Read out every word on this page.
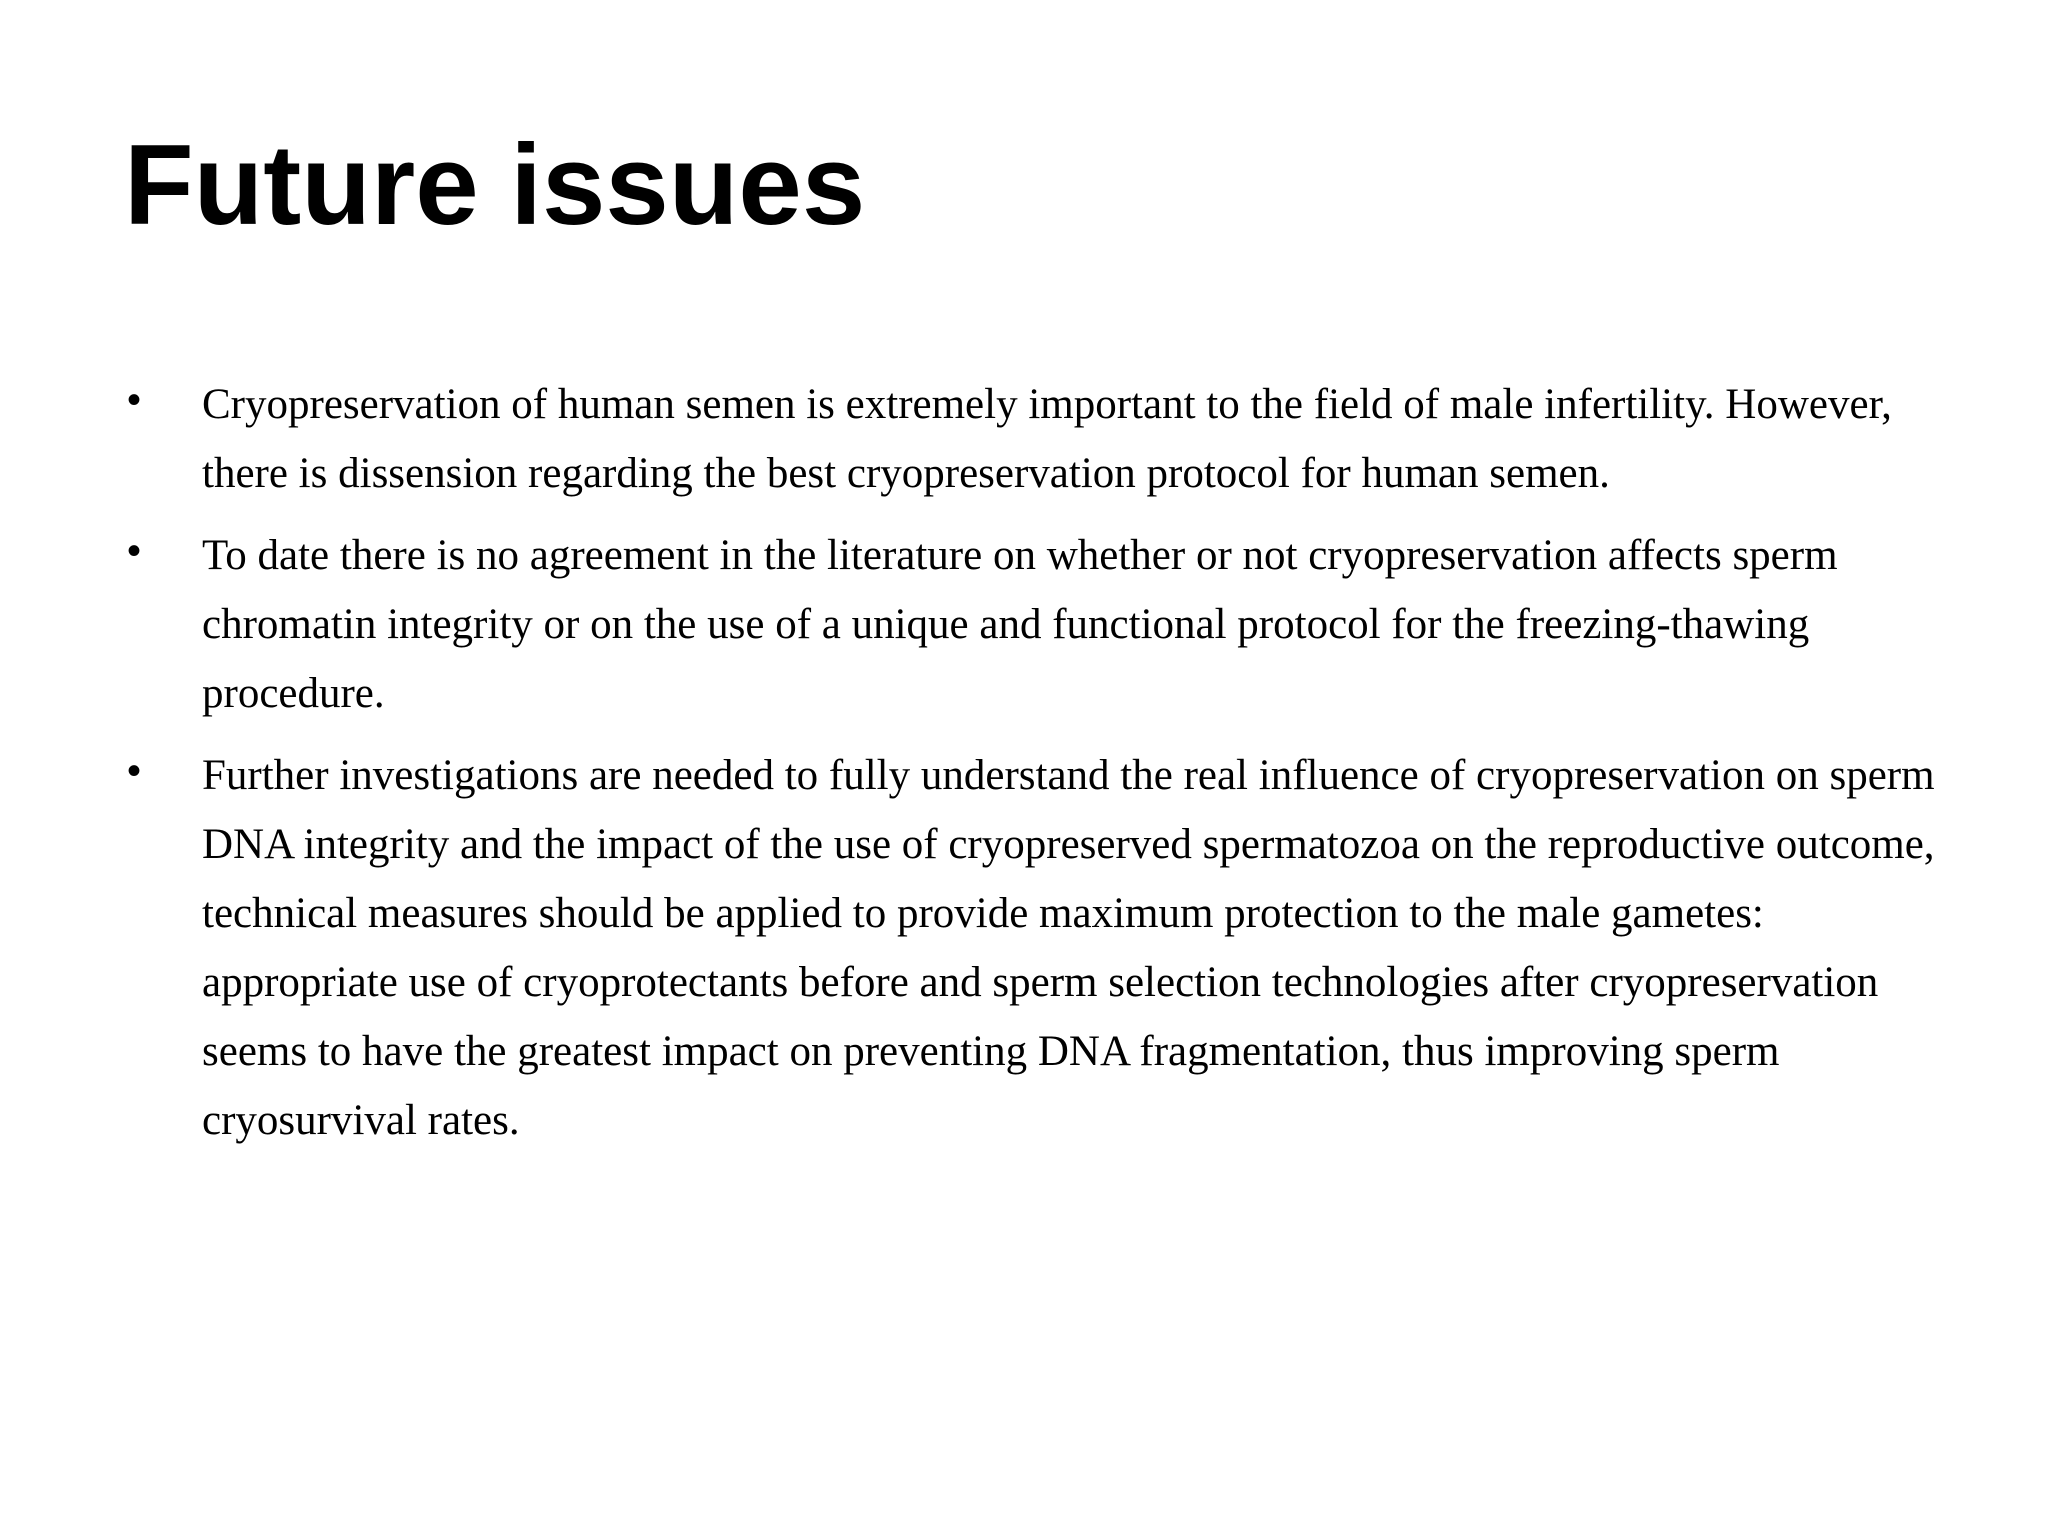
Future issues
• Cryopreservation of human semen is extremely important to the field of male infertility. However, there is dissension regarding the best cryopreservation protocol for human semen.
• To date there is no agreement in the literature on whether or not cryopreservation affects sperm chromatin integrity or on the use of a unique and functional protocol for the freezing-thawing procedure.
• Further investigations are needed to fully understand the real influence of cryopreservation on sperm DNA integrity and the impact of the use of cryopreserved spermatozoa on the reproductive outcome, technical measures should be applied to provide maximum protection to the male gametes: appropriate use of cryoprotectants before and sperm selection technologies after cryopreservation seems to have the greatest impact on preventing DNA fragmentation, thus improving sperm cryosurvival rates.
